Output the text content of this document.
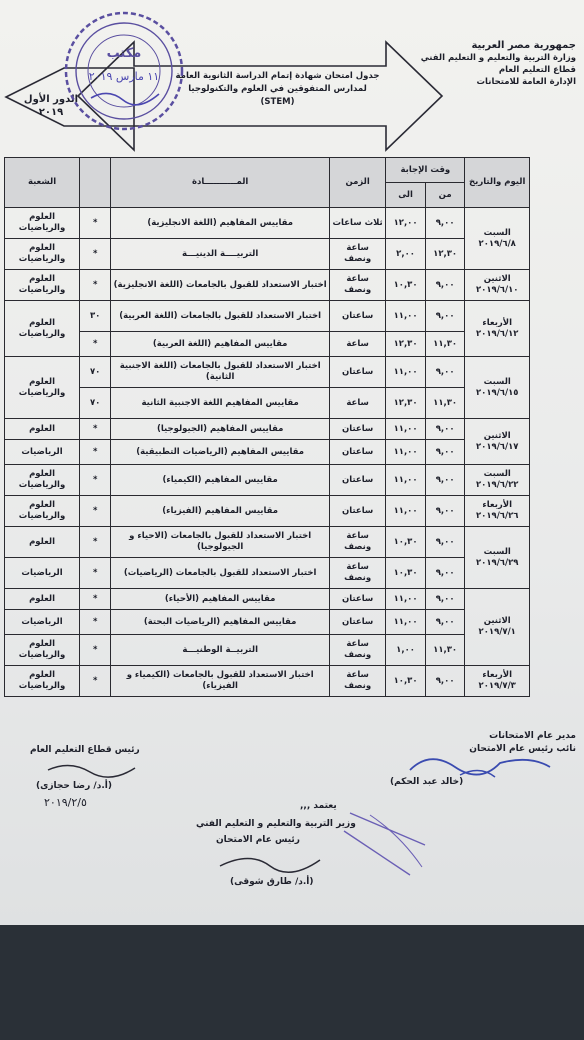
جمهورية مصر العربية
وزارة التربية والتعليم و التعليم الفني
قطاع التعليم العام
الإدارة العامة للامتحانات
جدول امتحان شهادة إتمام الدراسة الثانوية العامة
لمدارس المتفوقين في العلوم والتكنولوجيا
(STEM)
الدور الأول
٢٠١٩
مكتب
١١ مارس ٢٠١٩
اليوم والتاريخ	وقت الإجابة		الزمن	المـــــــــــادة		الشعبة
	من	الى				

السبت
٢٠١٩/٦/٨	٩,٠٠	١٢,٠٠	ثلاث ساعات	مقاييس المفاهيم (اللغة الانجليزية)	*	العلوم والرياضيات
	١٢,٣٠	٢,٠٠	ساعة ونصف	التربيــــة الدينيـــة	*	العلوم والرياضيات

الاثنين
٢٠١٩/٦/١٠	٩,٠٠	١٠,٣٠	ساعة ونصف	اختبار الاستعداد للقبول بالجامعات (اللغة الانجليزية)	*	العلوم والرياضيات

الأربعاء
٢٠١٩/٦/١٢	٩,٠٠	١١,٠٠	ساعتان	اختبار الاستعداد للقبول بالجامعات (اللغة العربية)	٣٠	العلوم والرياضيات
	١١,٣٠	١٢,٣٠	ساعة	مقاييس المفاهيم (اللغة العربية)	*	

السبت
٢٠١٩/٦/١٥	٩,٠٠	١١,٠٠	ساعتان	اختبار الاستعداد للقبول بالجامعات (اللغة الاجنبية الثانية)	٧٠	العلوم والرياضيات
	١١,٣٠	١٢,٣٠	ساعة	مقاييس المفاهيم اللغة الاجنبية الثانية	٧٠	

الاثنين
٢٠١٩/٦/١٧	٩,٠٠	١١,٠٠	ساعتان	مقاييس المفاهيم (الجيولوجيا)	*	العلوم
	٩,٠٠	١١,٠٠	ساعتان	مقاييس المفاهيم (الرياضيات التطبيقية)	*	الرياضيات

السبت
٢٠١٩/٦/٢٢	٩,٠٠	١١,٠٠	ساعتان	مقاييس المفاهيم (الكيمياء)	*	العلوم والرياضيات

الأربعاء
٢٠١٩/٦/٢٦	٩,٠٠	١١,٠٠	ساعتان	مقاييس المفاهيم (الفيزياء)	*	العلوم والرياضيات

السبت
٢٠١٩/٦/٢٩	٩,٠٠	١٠,٣٠	ساعة ونصف	اختبار الاستعداد للقبول بالجامعات (الاحياء و الجيولوجيا)	*	العلوم
	٩,٠٠	١٠,٣٠	ساعة ونصف	اختبار الاستعداد للقبول بالجامعات (الرياضيات)	*	الرياضيات

الاثنين
٢٠١٩/٧/١	٩,٠٠	١١,٠٠	ساعتان	مقاييس المفاهيم (الأحياء)	*	العلوم
	٩,٠٠	١١,٠٠	ساعتان	مقاييس المفاهيم (الرياضيات البحتة)	*	الرياضيات
	١١,٣٠	١,٠٠	ساعة ونصف	التربيــة الوطنيـــة	*	العلوم والرياضيات

الأربعاء
٢٠١٩/٧/٣	٩,٠٠	١٠,٣٠	ساعة ونصف	اختبار الاستعداد للقبول بالجامعات (الكيمياء و الفيزياء)	*	العلوم والرياضيات
مدير عام الامتحانات
نائب رئيس عام الامتحان
(خالد عبد الحكم)
رئيس قطاع التعليم العام
(أ.د/ رضا حجازى)
٢٠١٩/٢/٥	يعتمد ,,,
وزير التربية والتعليم و التعليم الفني
رئيس عام الامتحان
(أ.د/ طارق شوقى)
